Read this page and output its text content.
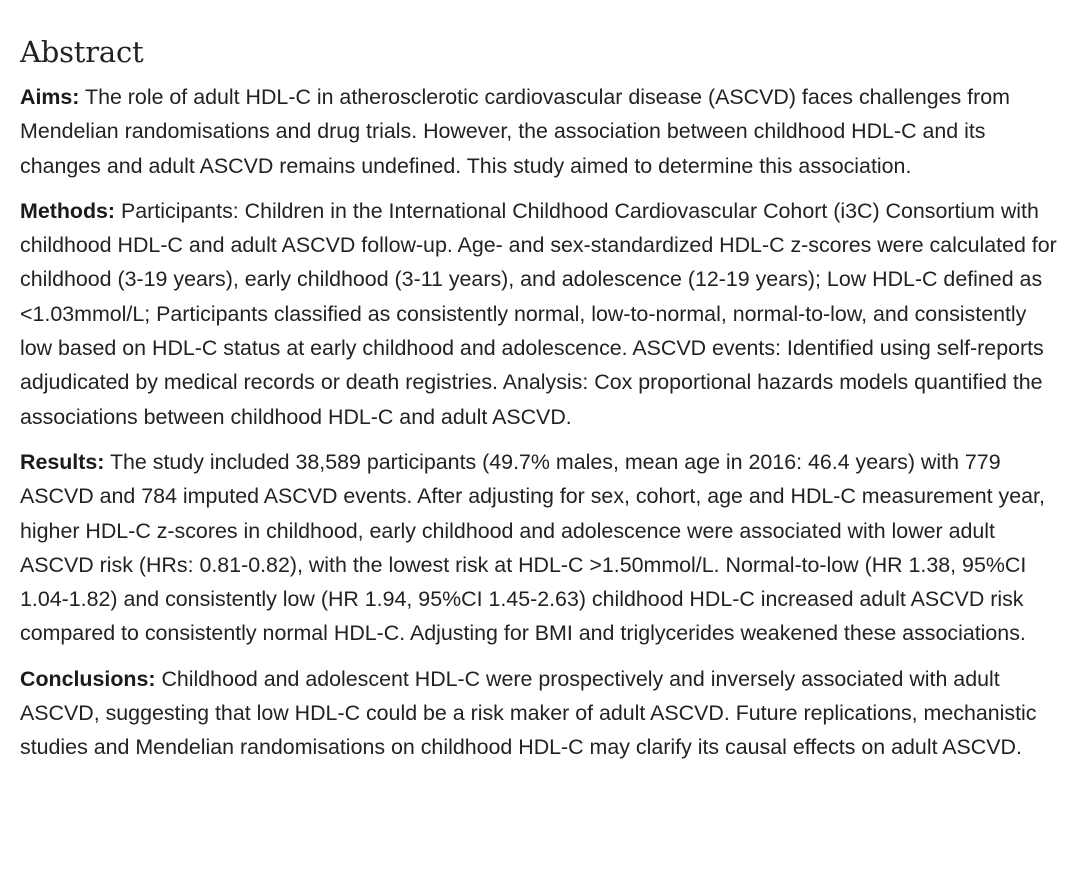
Abstract

Aims: The role of adult HDL-C in atherosclerotic cardiovascular disease (ASCVD) faces challenges from Mendelian randomisations and drug trials. However, the association between childhood HDL-C and its changes and adult ASCVD remains undefined. This study aimed to determine this association.

Methods: Participants: Children in the International Childhood Cardiovascular Cohort (i3C) Consortium with childhood HDL-C and adult ASCVD follow-up. Age- and sex-standardized HDL-C z-scores were calculated for childhood (3-19 years), early childhood (3-11 years), and adolescence (12-19 years); Low HDL-C defined as <1.03mmol/L; Participants classified as consistently normal, low-to-normal, normal-to-low, and consistently low based on HDL-C status at early childhood and adolescence. ASCVD events: Identified using self-reports adjudicated by medical records or death registries. Analysis: Cox proportional hazards models quantified the associations between childhood HDL-C and adult ASCVD.

Results: The study included 38,589 participants (49.7% males, mean age in 2016: 46.4 years) with 779 ASCVD and 784 imputed ASCVD events. After adjusting for sex, cohort, age and HDL-C measurement year, higher HDL-C z-scores in childhood, early childhood and adolescence were associated with lower adult ASCVD risk (HRs: 0.81-0.82), with the lowest risk at HDL-C >1.50mmol/L. Normal-to-low (HR 1.38, 95%CI 1.04-1.82) and consistently low (HR 1.94, 95%CI 1.45-2.63) childhood HDL-C increased adult ASCVD risk compared to consistently normal HDL-C. Adjusting for BMI and triglycerides weakened these associations.

Conclusions: Childhood and adolescent HDL-C were prospectively and inversely associated with adult ASCVD, suggesting that low HDL-C could be a risk maker of adult ASCVD. Future replications, mechanistic studies and Mendelian randomisations on childhood HDL-C may clarify its causal effects on adult ASCVD.
